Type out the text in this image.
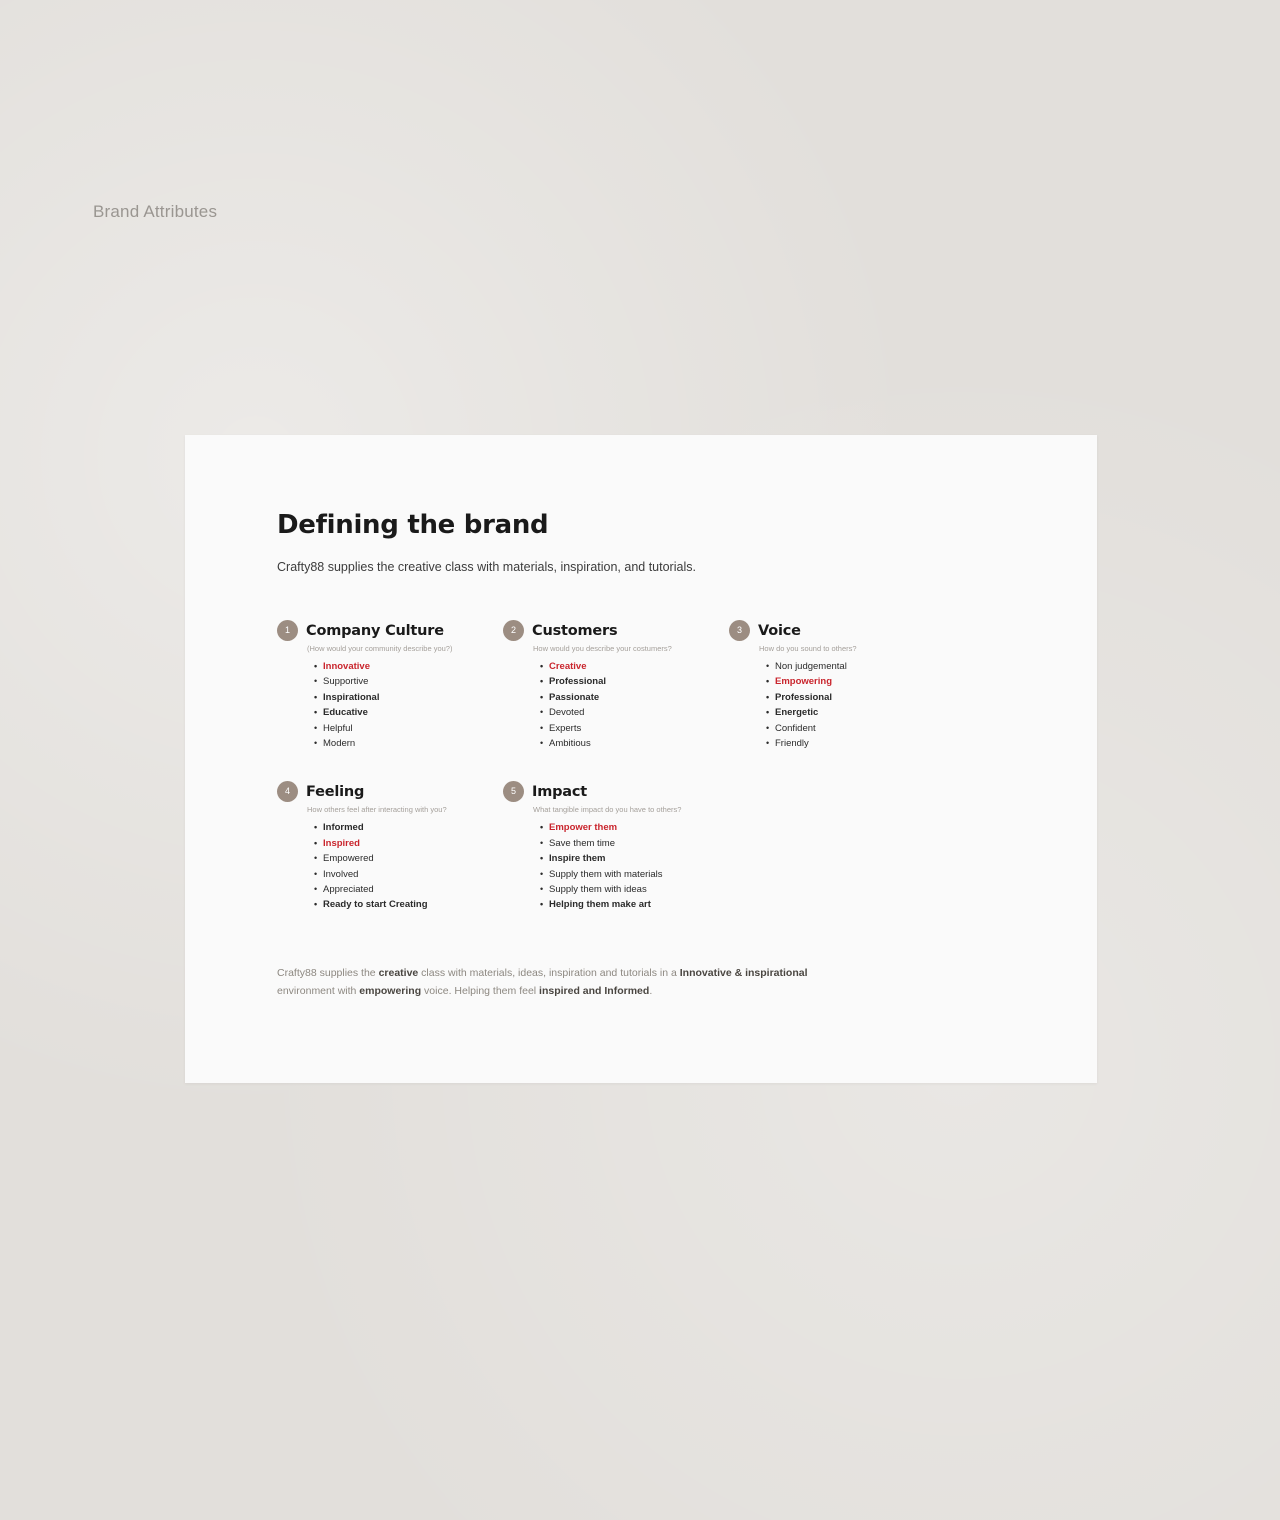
Brand Attributes
Defining the brand

Crafty88 supplies the creative class with materials, inspiration, and tutorials.

1	Company Culture
(How would your community describe you?)
• Innovative
• Supportive
• Inspirational
• Educative
• Helpful
• Modern
2	Customers
How would you describe your costumers?
• Creative
• Professional
• Passionate
• Devoted
• Experts
• Ambitious
3	Voice
How do you sound to others?
• Non judgemental
• Empowering
• Professional
• Energetic
• Confident
• Friendly
4	Feeling
How others feel after interacting with you?
• Informed
• Inspired
• Empowered
• Involved
• Appreciated
• Ready to start Creating
5	Impact
What tangible impact do you have to others?
• Empower them
• Save them time
• Inspire them
• Supply them with materials
• Supply them with ideas
• Helping them make art
Crafty88 supplies the creative class with materials, ideas, inspiration and tutorials in a Innovative & inspirational environment with empowering voice. Helping them feel inspired and Informed.
